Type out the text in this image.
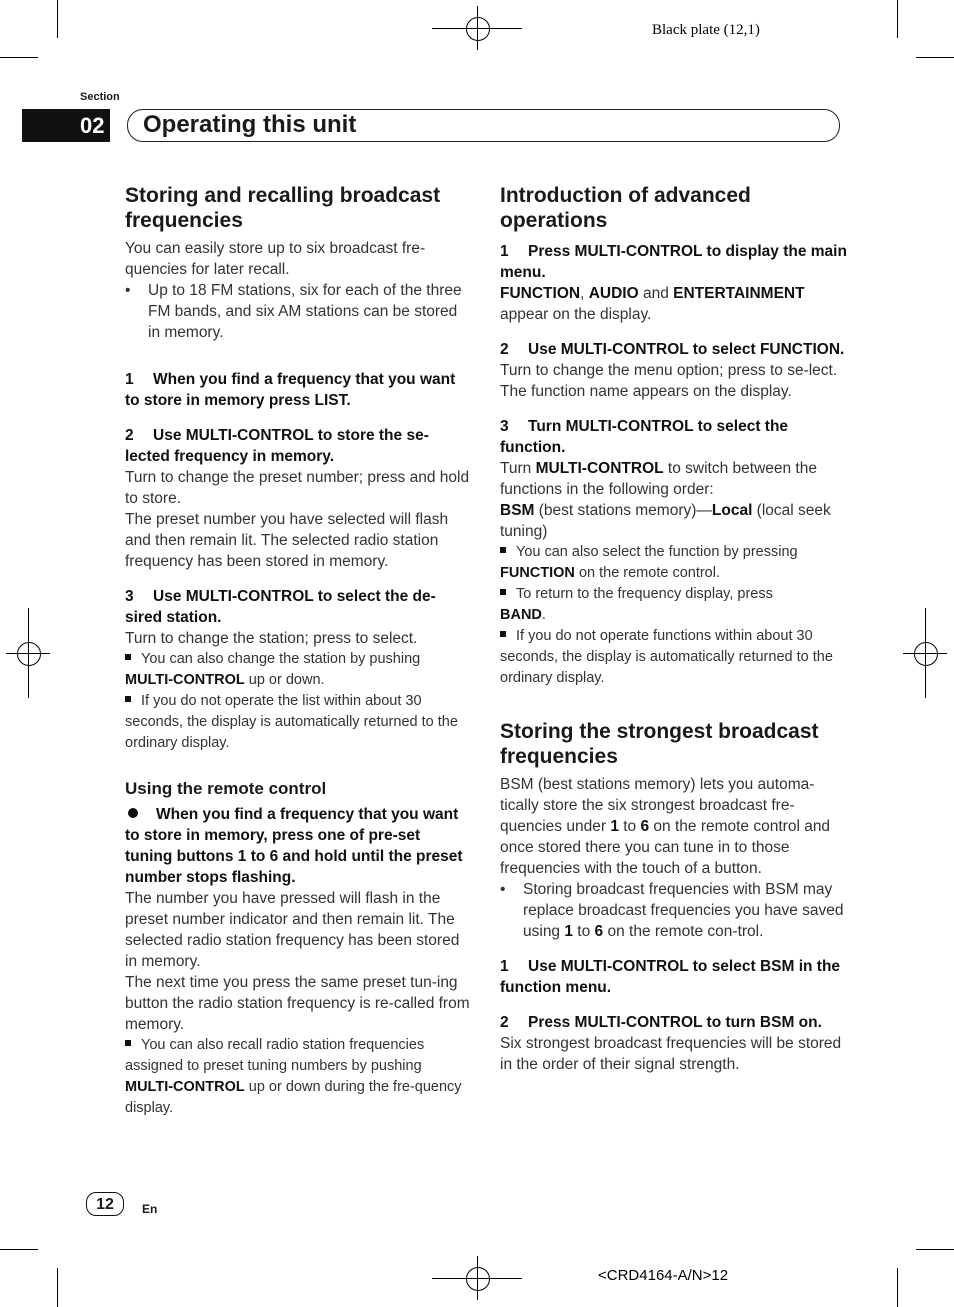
Black plate (12,1)
Section
02 Operating this unit
Storing and recalling broadcast frequencies

You can easily store up to six broadcast fre-quencies for later recall.

• Up to 18 FM stations, six for each of the three FM bands, and six AM stations can be stored in memory.

1 When you find a frequency that you want to store in memory press LIST.

2 Use MULTI-CONTROL to store the se-lected frequency in memory.

Turn to change the preset number; press and hold to store.

The preset number you have selected will flash and then remain lit. The selected radio station frequency has been stored in memory.

3 Use MULTI-CONTROL to select the de-sired station.

Turn to change the station; press to select.

You can also change the station by pushing
MULTI-CONTROL up or down.

If you do not operate the list within about 30 seconds, the display is automatically returned to the ordinary display.

Using the remote control

When you find a frequency that you want to store in memory, press one of pre-set tuning buttons 1 to 6 and hold until the preset number stops flashing.

The number you have pressed will flash in the preset number indicator and then remain lit. The selected radio station frequency has been stored in memory.

The next time you press the same preset tun-ing button the radio station frequency is re-called from memory.

You can also recall radio station frequencies assigned to preset tuning numbers by pushing
MULTI-CONTROL up or down during the fre-quency display.

Introduction of advanced operations

1 Press MULTI-CONTROL to display the main menu.

FUNCTION, AUDIO and ENTERTAINMENT
appear on the display.

2 Use MULTI-CONTROL to select FUNCTION.

Turn to change the menu option; press to se-lect.

The function name appears on the display.

3 Turn MULTI-CONTROL to select the function.

Turn MULTI-CONTROL to switch between the functions in the following order:

BSM (best stations memory)—Local (local seek tuning)

You can also select the function by pressing
FUNCTION on the remote control.

To return to the frequency display, press
BAND.

If you do not operate functions within about 30 seconds, the display is automatically returned to the ordinary display.

Storing the strongest broadcast frequencies

BSM (best stations memory) lets you automa-tically store the six strongest broadcast fre-quencies under 1 to 6 on the remote control and once stored there you can tune in to those frequencies with the touch of a button.

• Storing broadcast frequencies with BSM may replace broadcast frequencies you have saved using 1 to 6 on the remote con-trol.

1 Use MULTI-CONTROL to select BSM in the function menu.

2 Press MULTI-CONTROL to turn BSM on.

Six strongest broadcast frequencies will be stored in the order of their signal strength.

12	En
<CRD4164-A/N>12
